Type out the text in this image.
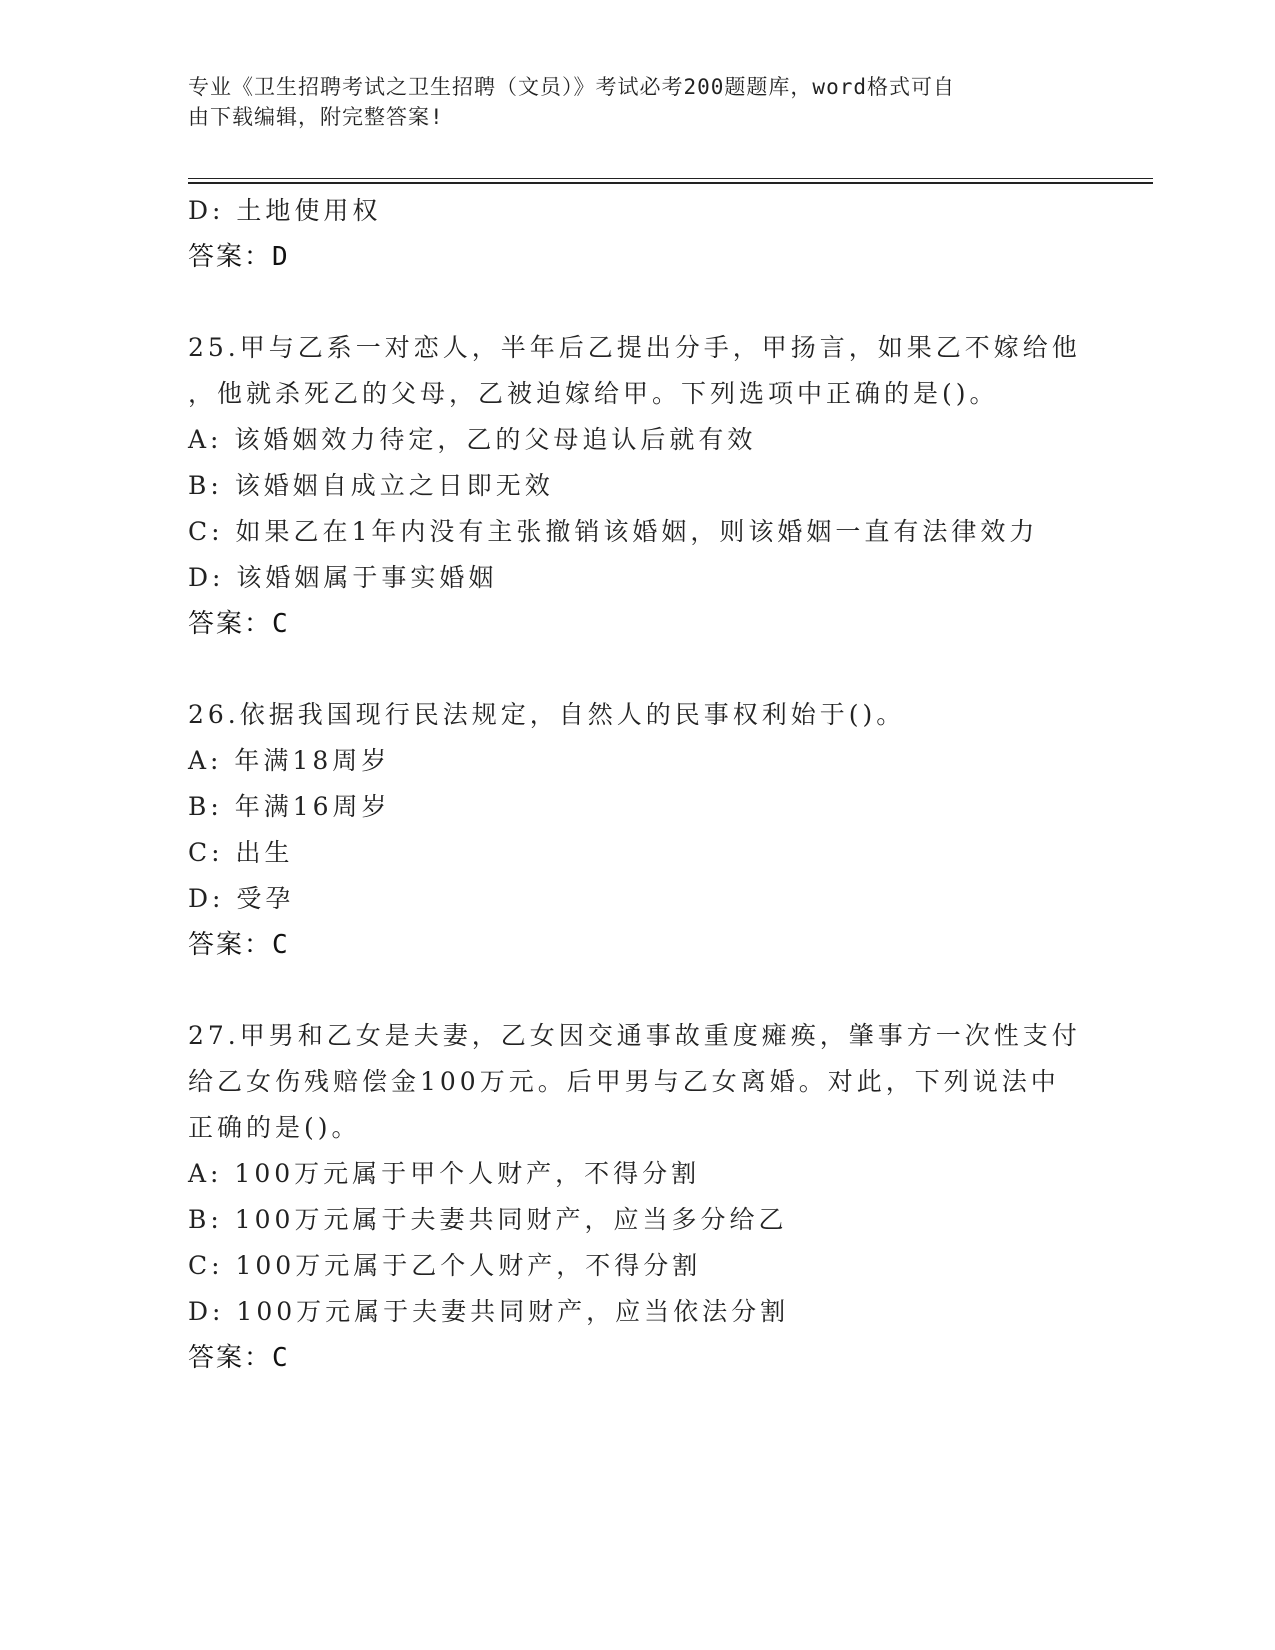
专业《卫生招聘考试之卫生招聘（文员）》考试必考200题题库，word格式可自
由下载编辑，附完整答案!
D: 土地使用权
答案：D
25.甲与乙系一对恋人，半年后乙提出分手，甲扬言，如果乙不嫁给他
，他就杀死乙的父母，乙被迫嫁给甲。下列选项中正确的是()。
A: 该婚姻效力待定，乙的父母追认后就有效
B: 该婚姻自成立之日即无效
C: 如果乙在1年内没有主张撤销该婚姻，则该婚姻一直有法律效力
D: 该婚姻属于事实婚姻
答案：C
26.依据我国现行民法规定，自然人的民事权利始于()。
A: 年满18周岁
B: 年满16周岁
C: 出生
D: 受孕
答案：C
27.甲男和乙女是夫妻，乙女因交通事故重度瘫痪，肇事方一次性支付
给乙女伤残赔偿金100万元。后甲男与乙女离婚。对此，下列说法中
正确的是()。
A: 100万元属于甲个人财产，不得分割
B: 100万元属于夫妻共同财产，应当多分给乙
C: 100万元属于乙个人财产，不得分割
D: 100万元属于夫妻共同财产，应当依法分割
答案：C
